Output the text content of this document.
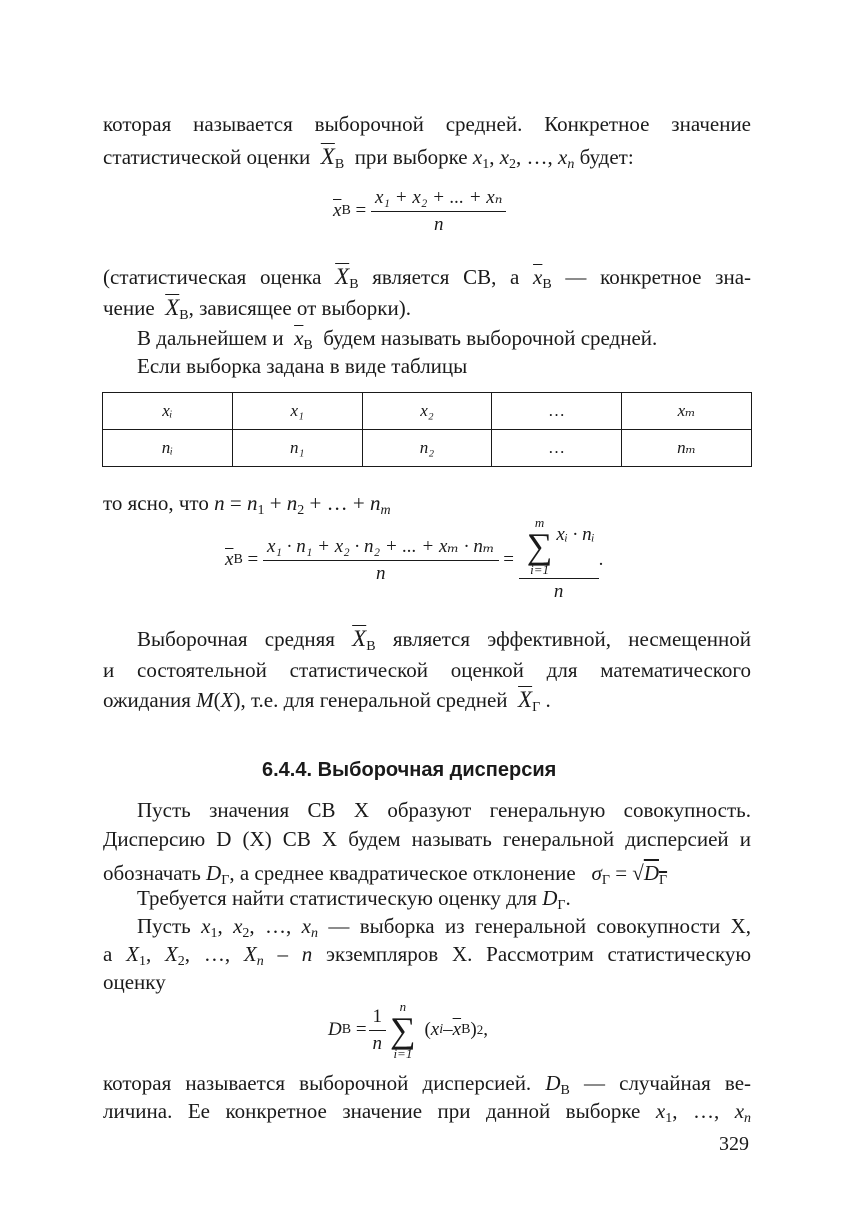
которая называется выборочной средней. Конкретное значение
статистической оценки $\overline{X}_В$ при выборке $x_1$, $x_2$, …, $x_n$ будет:
$\overline{x}$ $В = \frac{\text{x₁ + x₂ + ... + xₙ}}{n}$
(статистическая оценка $\overline{X}_В$ является СВ, а $\overline{x}_В$ — конкретное зна-
чение $\overline{X}_В$, зависящее от выборки).
В дальнейшем и $\overline{x}_В$ будем называть выборочной средней.
Если выборка задана в виде таблицы
xᵢ	x₁	x₂	…	xₘ
nᵢ	n₁	n₂	…	nₘ
то ясно, что $n = n_1 + n_2$ + … + $n_m$
$\overline{x}$ $В = \frac{\text{x₁ · n₁ + x₂ · n₂ + ... + xₘ · nₘ}}{n} = m$
∑
i=1
xᵢ · nᵢ
n .
Выборочная средняя $\overline{X}_В$ является эффективной, несмещенной
и состоятельной статистической оценкой для математического
ожидания M(X), т.е. для генеральной средней $\overline{X}_Г$ .
6.4.4. Выборочная дисперсия
Пусть значения СВ X образуют генеральную совокупность.
Дисперсию D (X) СВ X будем называть генеральной дисперсией и
обозначать $D_Г$, а среднее квадратическое отклонение $\sigma_Г = √D_Г$
Требуется найти статистическую оценку для $D_Г$.
Пусть $x_1$, $x_2$, …, $x_n$ — выборка из генеральной совокупности X,
а $X_1$, $X_2$, …, $X_n$ – n экземпляров X. Рассмотрим статистическую
оценку
D $В = \frac{1}{n}$ n
∑
i=1
( x i – $\overline{x}$ В ) 2 ,
которая называется выборочной дисперсией. $D_В$ — случайная ве-
личина. Ее конкретное значение при данной выборке $x_1$, …, $x_n$
329
